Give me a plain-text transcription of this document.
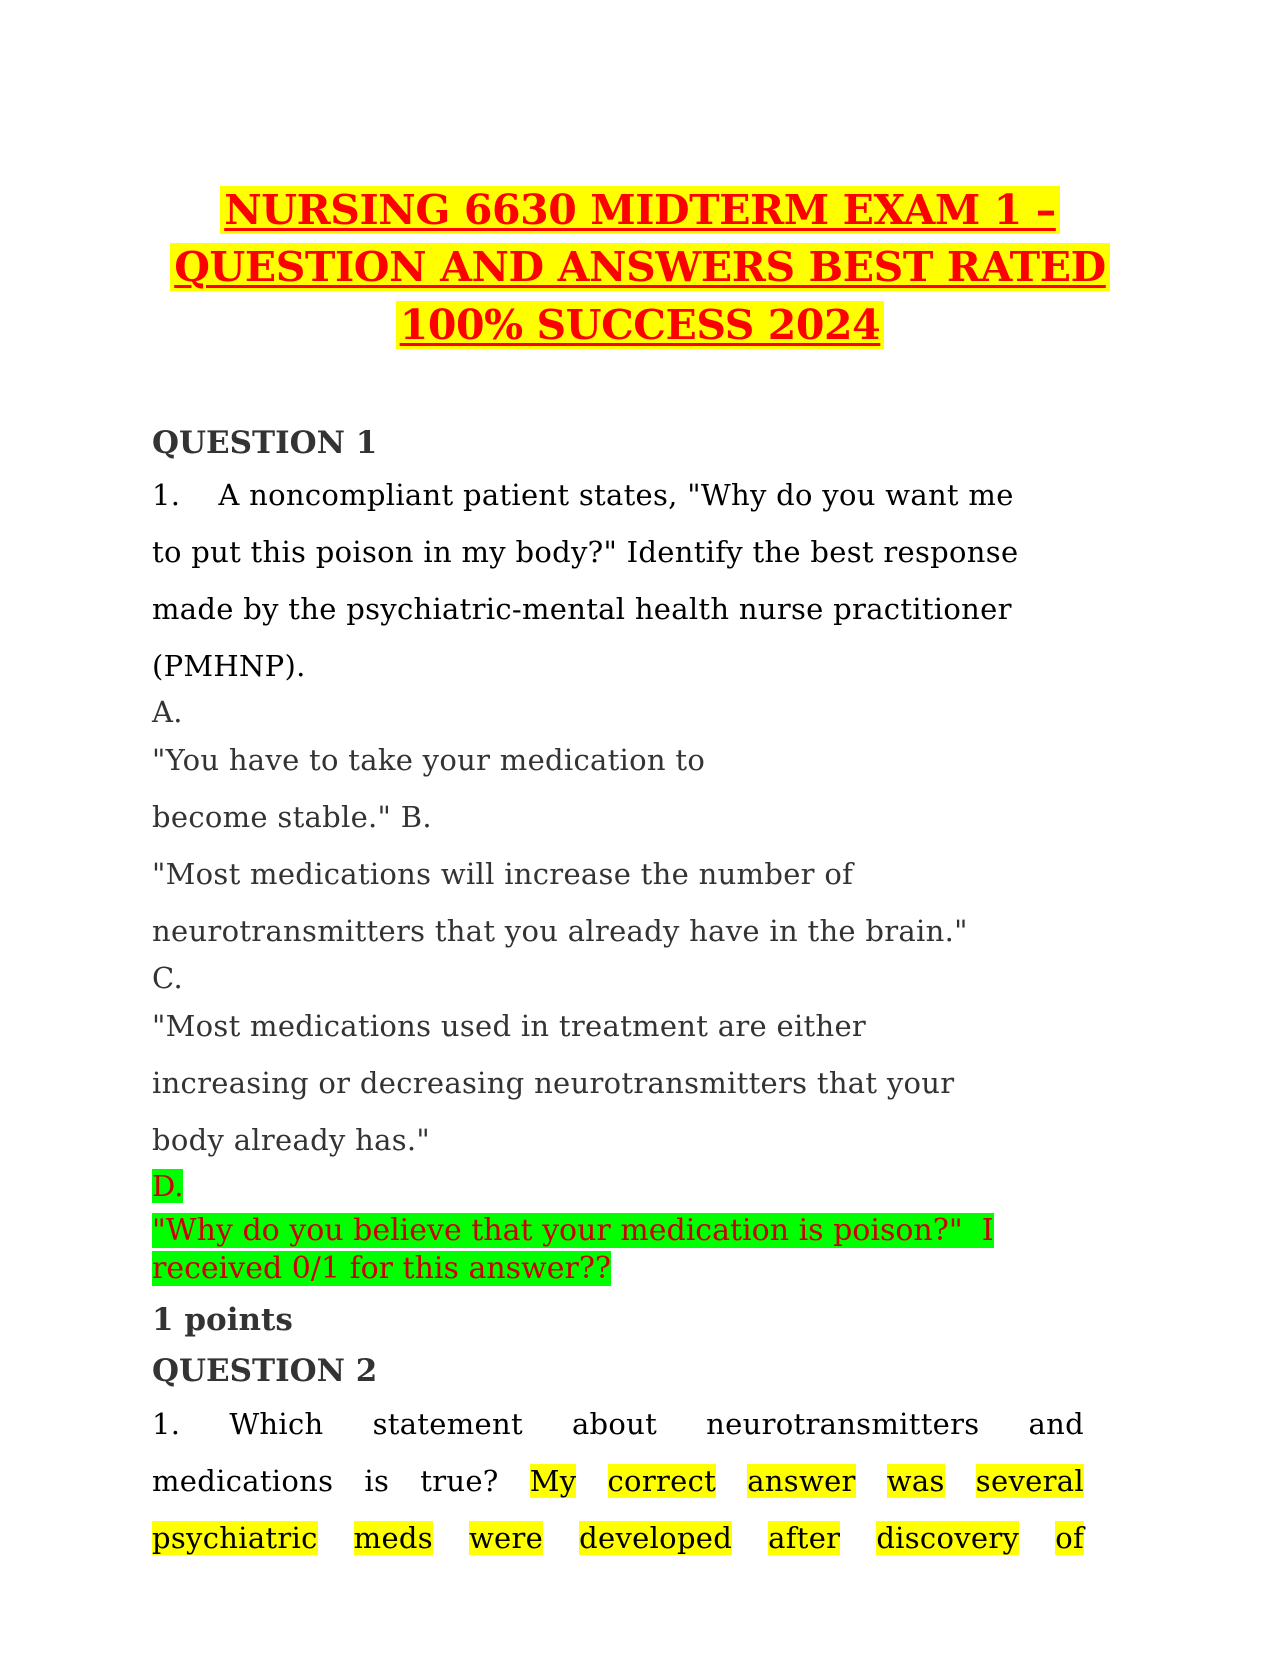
NURSING 6630 MIDTERM EXAM 1 –
QUESTION AND ANSWERS BEST RATED
100% SUCCESS 2024
QUESTION 1
1.    A noncompliant patient states, "Why do you want me
to put this poison in my body?" Identify the best response
made by the psychiatric-mental health nurse practitioner
(PMHNP).
A.
"You have to take your medication to
become stable." B.
"Most medications will increase the number of
neurotransmitters that you already have in the brain."
C.
"Most medications used in treatment are either
increasing or decreasing neurotransmitters that your
body already has."
D.
"Why do you believe that your medication is poison?"  I
received 0/1 for this answer??
1 points
QUESTION 2
1. Which statement about neurotransmitters and
medications is true? My correct answer was several
psychiatric meds were developed after discovery of
